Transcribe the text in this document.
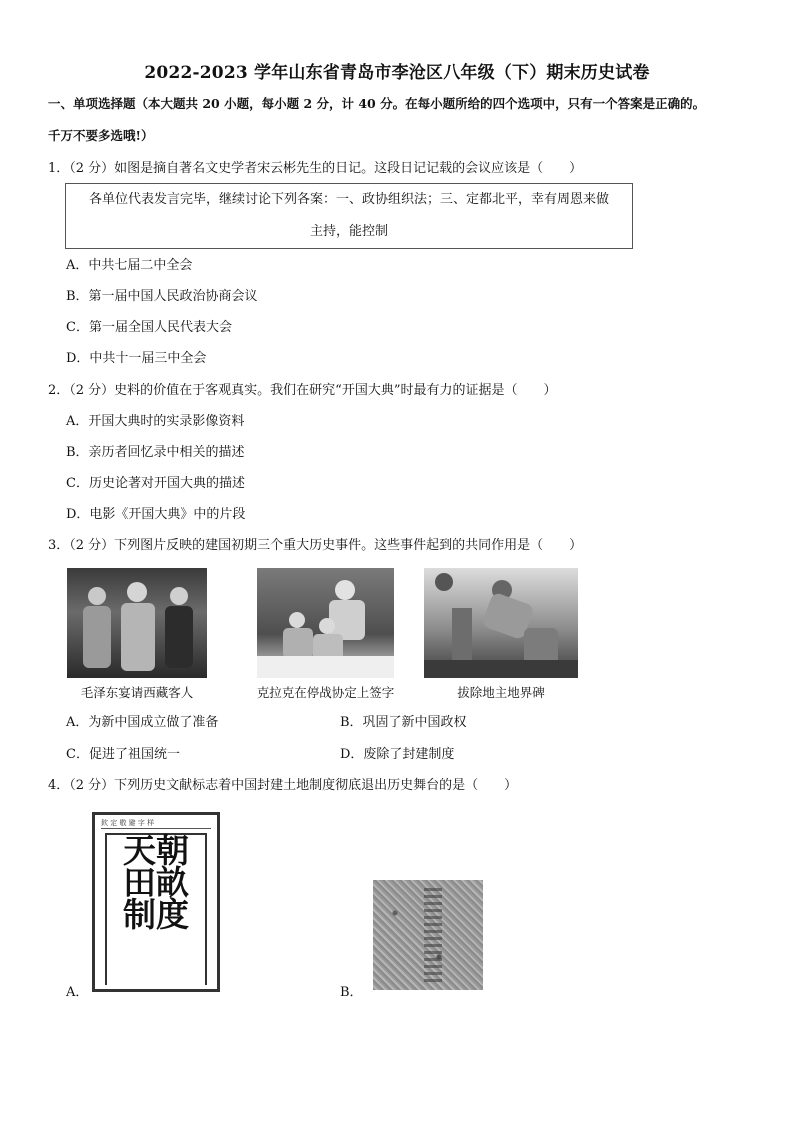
2022-2023 学年山东省青岛市李沧区八年级（下）期末历史试卷
一、单项选择题（本大题共 20 小题，每小题 2 分，计 40 分。在每小题所给的四个选项中，只有一个答案是正确的。
千万不要多选哦!）
1．（2 分）如图是摘自著名文史学者宋云彬先生的日记。这段日记记载的会议应该是（　　）
各单位代表发言完毕，继续讨论下列各案：一、政协组织法；三、定都北平，幸有周恩来做
主持，能控制
A．中共七届二中全会
B．第一届中国人民政治协商会议
C．第一届全国人民代表大会
D．中共十一届三中全会
2．（2 分）史料的价值在于客观真实。我们在研究“开国大典”时最有力的证据是（　　）
A．开国大典时的实录影像资料
B．亲历者回忆录中相关的描述
C．历史论著对开国大典的描述
D．电影《开国大典》中的片段
3．（2 分）下列图片反映的建国初期三个重大历史事件。这些事件起到的共同作用是（　　）
毛泽东宴请西藏客人	克拉克在停战协定上签字	拔除地主地界碑
A．为新中国成立做了准备	B．巩固了新中国政权
C．促进了祖国统一	D．废除了封建制度
4．（2 分）下列历史文献标志着中国封建土地制度彻底退出历史舞台的是（　　）
欽 定 敬 避 字 样
天朝田畝制度
A．	B．
